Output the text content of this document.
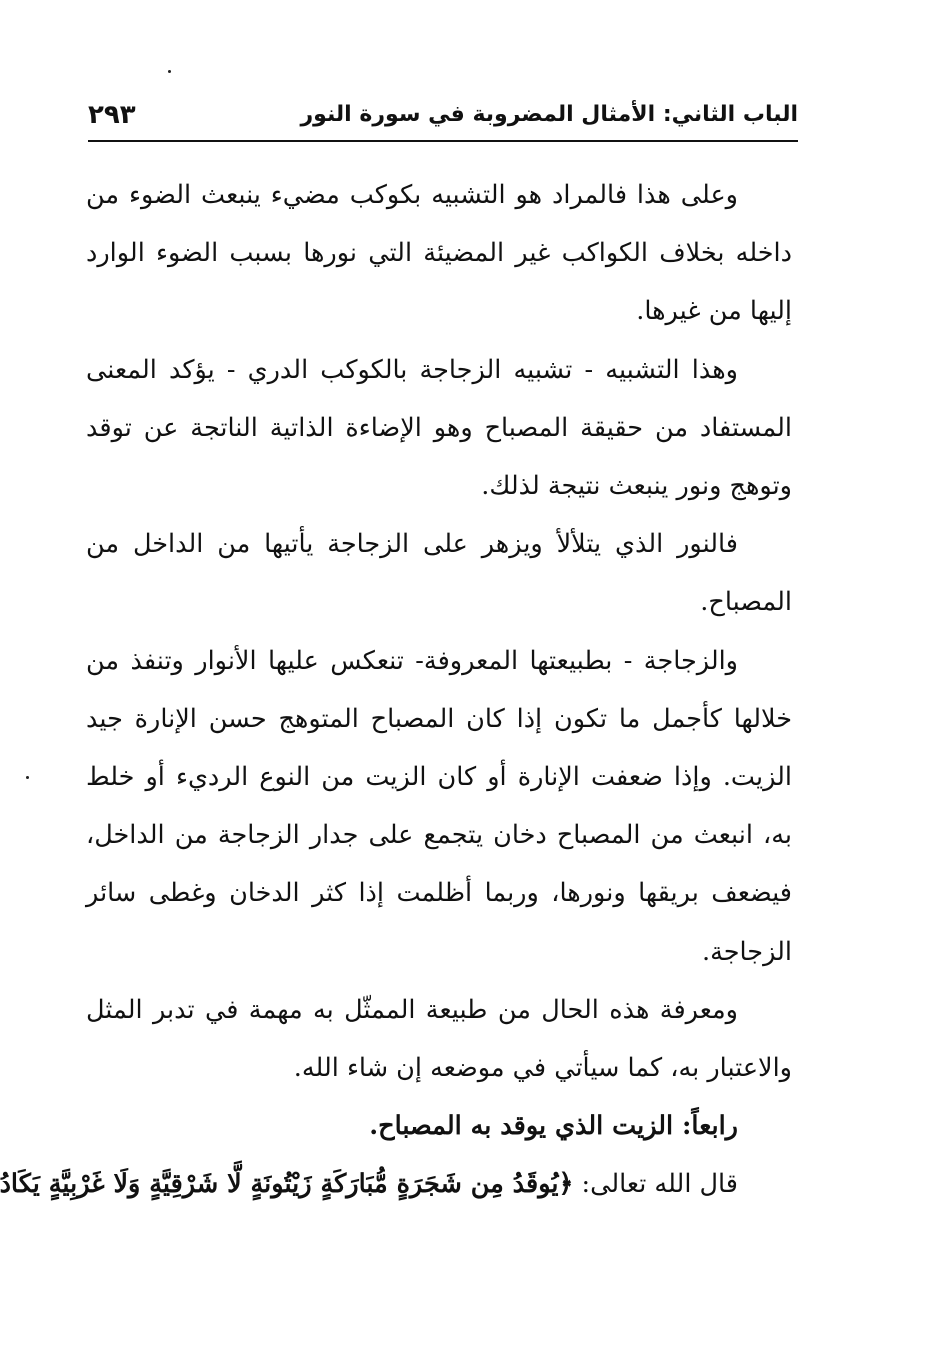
٢٩٣	الباب الثاني: الأمثال المضروبة في سورة النور

وعلى هذا فالمراد هو التشبيه بكوكب مضيء ينبعث الضوء من داخله بخلاف الكواكب غير المضيئة التي نورها بسبب الضوء الوارد إليها من غيرها.

وهذا التشبيه - تشبيه الزجاجة بالكوكب الدري - يؤكد المعنى المستفاد من حقيقة المصباح وهو الإضاءة الذاتية الناتجة عن توقد وتوهج ونور ينبعث نتيجة لذلك.

فالنور الذي يتلألأ ويزهر على الزجاجة يأتيها من الداخل من المصباح.

والزجاجة - بطبيعتها المعروفة- تنعكس عليها الأنوار وتنفذ من خلالها كأجمل ما تكون إذا كان المصباح المتوهج حسن الإنارة جيد الزيت. وإذا ضعفت الإنارة أو كان الزيت من النوع الرديء أو خلط به، انبعث من المصباح دخان يتجمع على جدار الزجاجة من الداخل، فيضعف بريقها ونورها، وربما أظلمت إذا كثر الدخان وغطى سائر الزجاجة.

ومعرفة هذه الحال من طبيعة الممثّل به مهمة في تدبر المثل والاعتبار به، كما سيأتي في موضعه إن شاء الله.

رابعاً: الزيت الذي يوقد به المصباح.

قال الله تعالى: ﴿يُوقَدُ مِن شَجَرَةٍ مُّبَارَكَةٍ زَيْتُونَةٍ لَّا شَرْقِيَّةٍ وَلَا غَرْبِيَّةٍ يَكَادُ
